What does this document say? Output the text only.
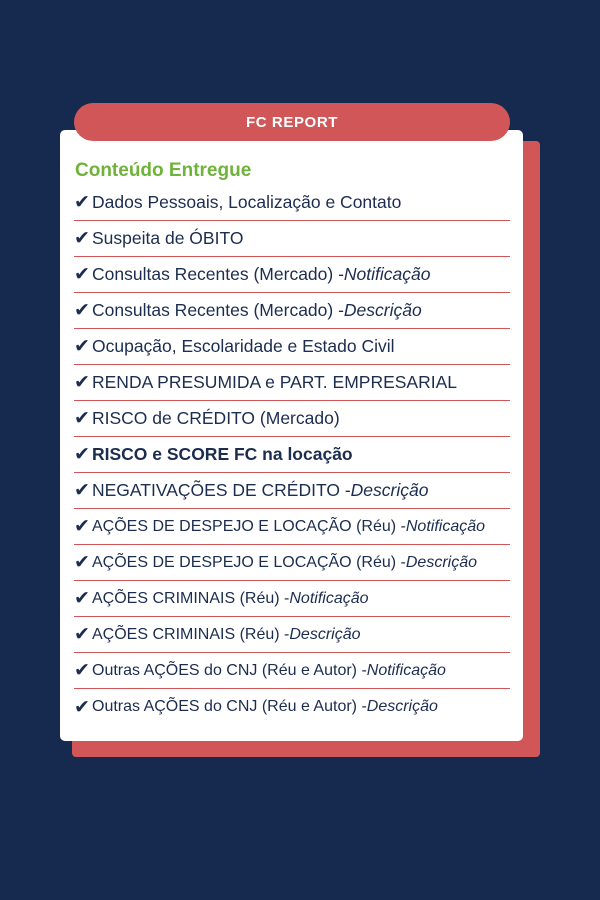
FC REPORT
Conteúdo Entregue
✔ Dados Pessoais, Localização e Contato
✔ Suspeita de ÓBITO
✔ Consultas Recentes (Mercado) - Notificação
✔ Consultas Recentes (Mercado) - Descrição
✔ Ocupação, Escolaridade e Estado Civil
✔ RENDA PRESUMIDA e PART. EMPRESARIAL
✔ RISCO de CRÉDITO (Mercado)
✔ RISCO e SCORE FC na locação
✔ NEGATIVAÇÕES DE CRÉDITO - Descrição
✔ AÇÕES DE DESPEJO E LOCAÇÃO (Réu) - Notificação
✔ AÇÕES DE DESPEJO E LOCAÇÃO (Réu) - Descrição
✔ AÇÕES CRIMINAIS (Réu) - Notificação
✔ AÇÕES CRIMINAIS (Réu) - Descrição
✔ Outras AÇÕES do CNJ (Réu e Autor) - Notificação
✔ Outras AÇÕES do CNJ (Réu e Autor) - Descrição
